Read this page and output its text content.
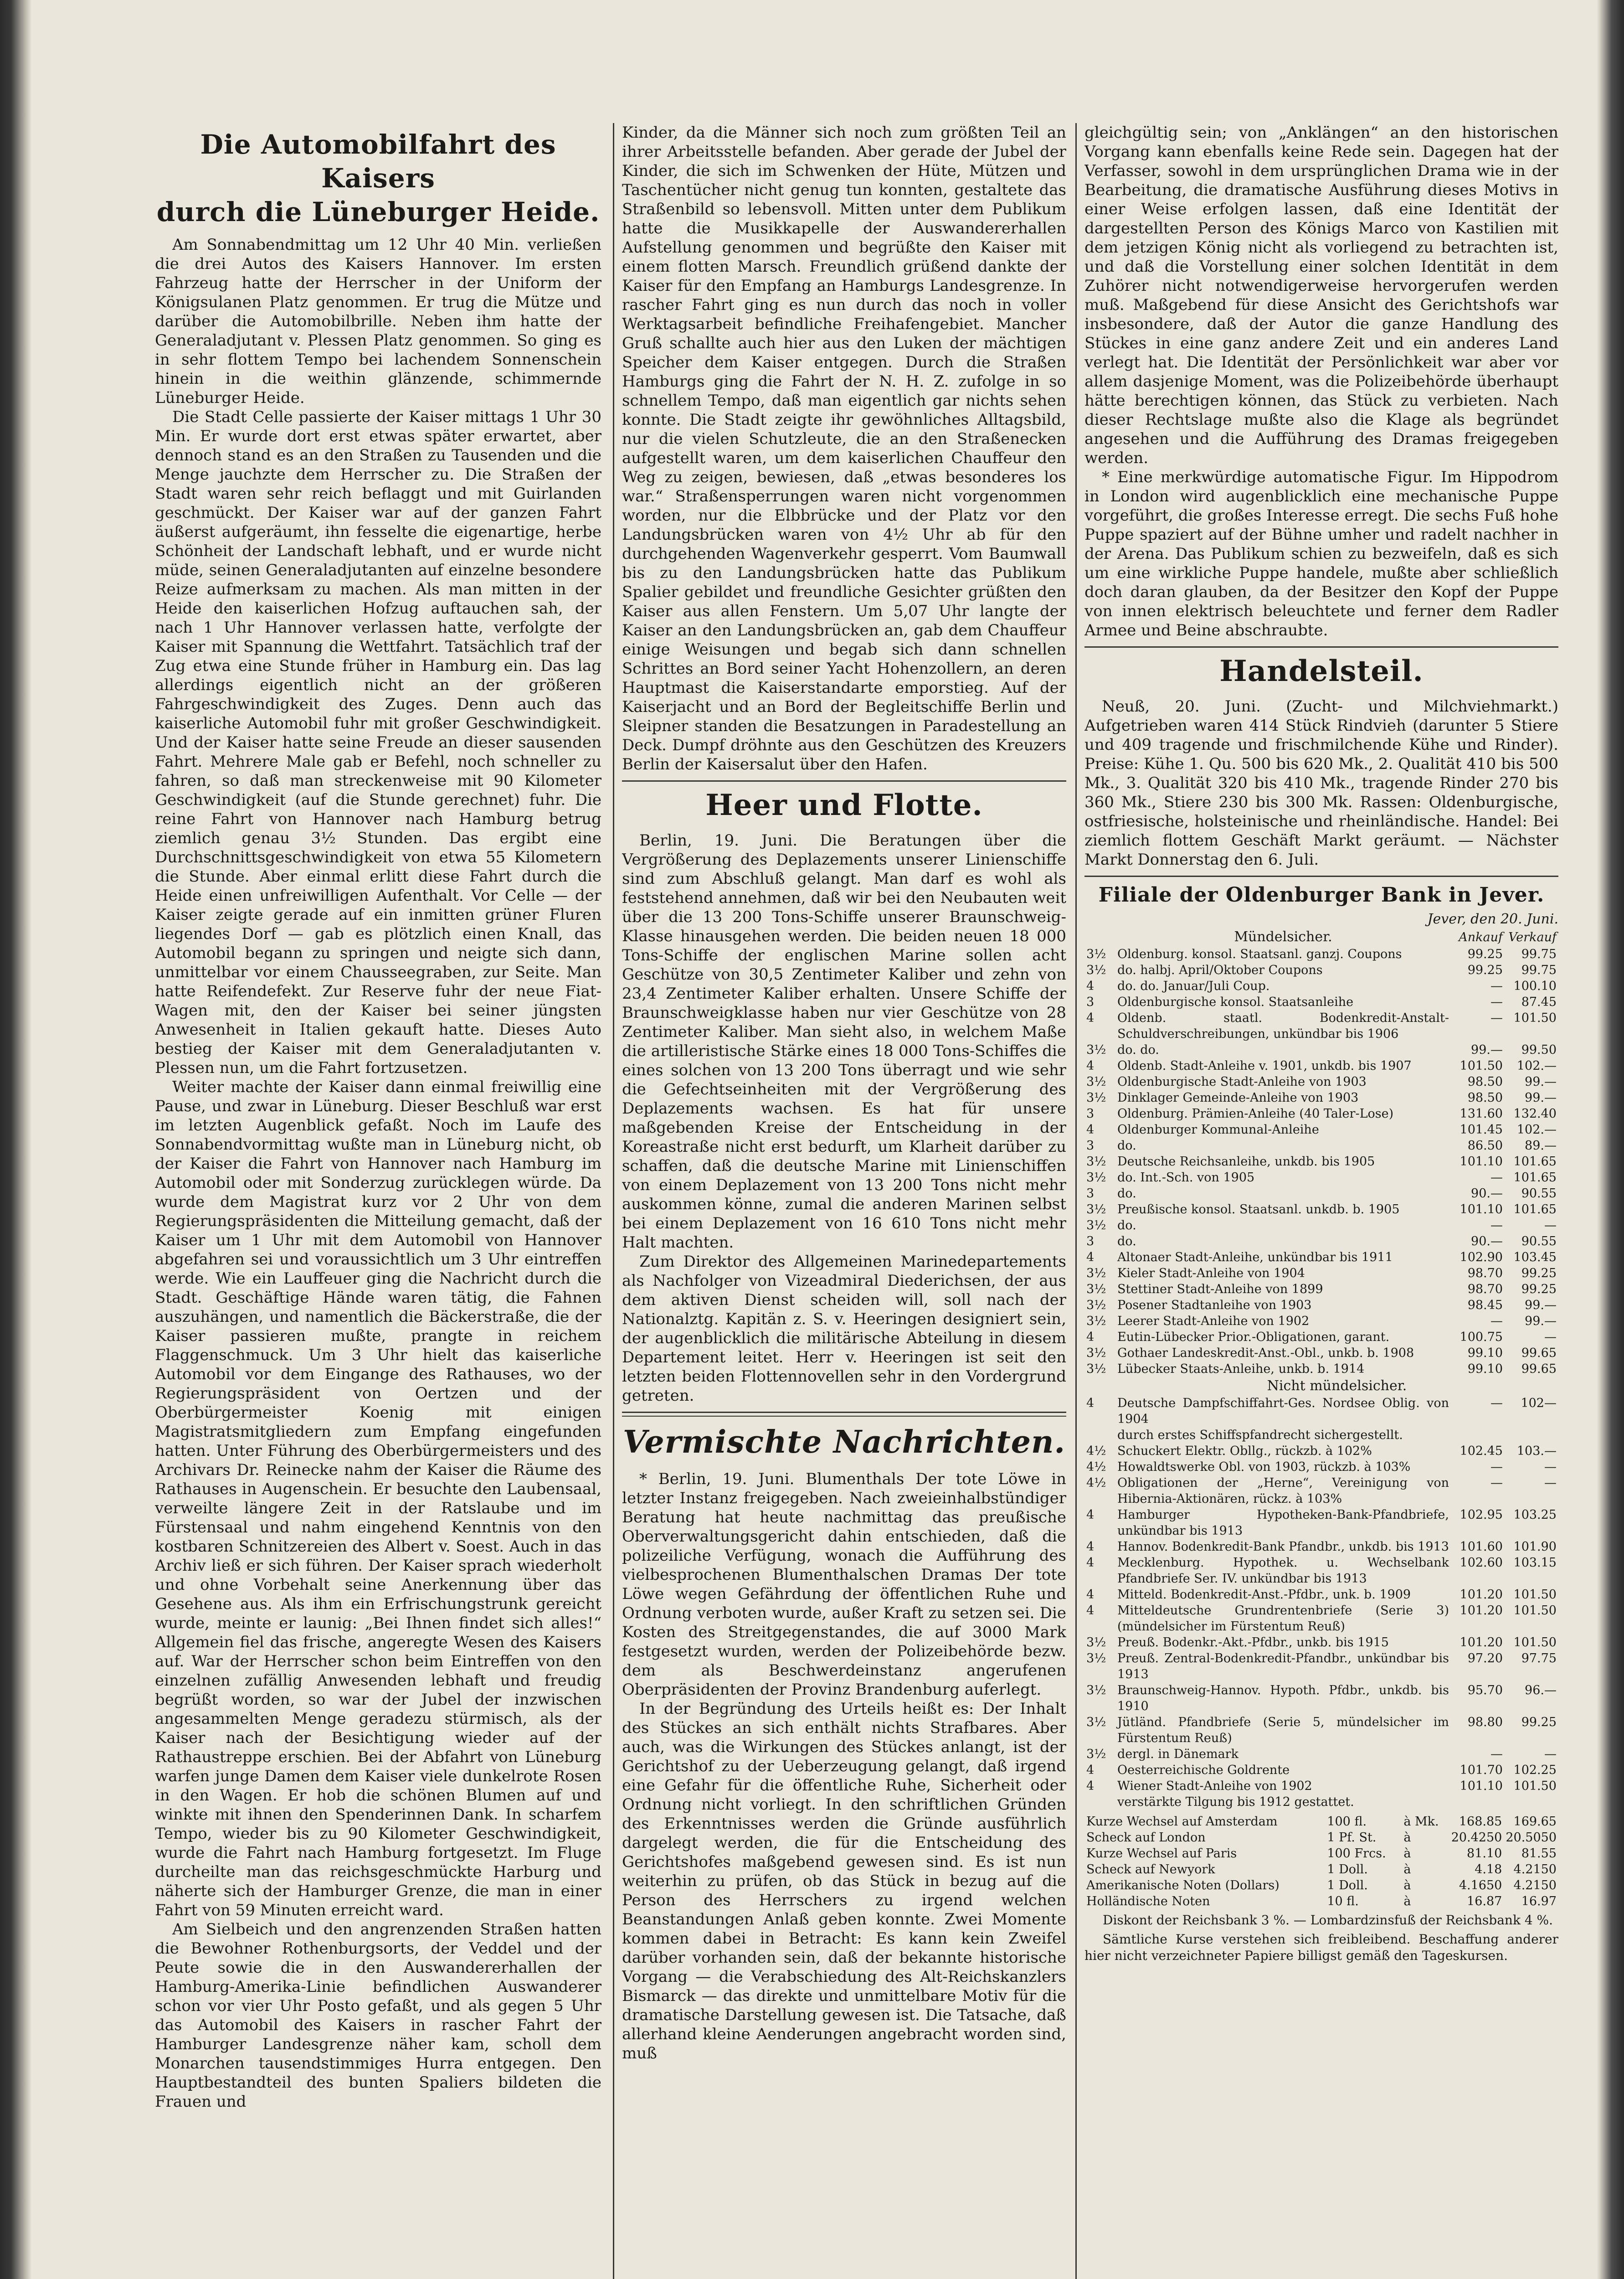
Die Automobilfahrt des Kaisers
durch die Lüneburger Heide.

Am Sonnabendmittag um 12 Uhr 40 Min. verließen die drei Autos des Kaisers Hannover. Im ersten Fahrzeug hatte der Herrscher in der Uniform der Königsulanen Platz genommen. Er trug die Mütze und darüber die Automobilbrille. Neben ihm hatte der Generaladjutant v. Plessen Platz genommen. So ging es in sehr flottem Tempo bei lachendem Sonnenschein hinein in die weithin glänzende, schimmernde Lüneburger Heide.

Die Stadt Celle passierte der Kaiser mittags 1 Uhr 30 Min. Er wurde dort erst etwas später erwartet, aber dennoch stand es an den Straßen zu Tausenden und die Menge jauchzte dem Herrscher zu. Die Straßen der Stadt waren sehr reich beflaggt und mit Guirlanden geschmückt. Der Kaiser war auf der ganzen Fahrt äußerst aufgeräumt, ihn fesselte die eigenartige, herbe Schönheit der Landschaft lebhaft, und er wurde nicht müde, seinen Generaladjutanten auf einzelne besondere Reize aufmerksam zu machen. Als man mitten in der Heide den kaiserlichen Hofzug auftauchen sah, der nach 1 Uhr Hannover verlassen hatte, verfolgte der Kaiser mit Spannung die Wettfahrt. Tatsächlich traf der Zug etwa eine Stunde früher in Hamburg ein. Das lag allerdings eigentlich nicht an der größeren Fahrgeschwindigkeit des Zuges. Denn auch das kaiserliche Automobil fuhr mit großer Geschwindigkeit. Und der Kaiser hatte seine Freude an dieser sausenden Fahrt. Mehrere Male gab er Befehl, noch schneller zu fahren, so daß man streckenweise mit 90 Kilometer Geschwindigkeit (auf die Stunde gerechnet) fuhr. Die reine Fahrt von Hannover nach Hamburg betrug ziemlich genau 3½ Stunden. Das ergibt eine Durchschnittsgeschwindigkeit von etwa 55 Kilometern die Stunde. Aber einmal erlitt diese Fahrt durch die Heide einen unfreiwilligen Aufenthalt. Vor Celle — der Kaiser zeigte gerade auf ein inmitten grüner Fluren liegendes Dorf — gab es plötzlich einen Knall, das Automobil begann zu springen und neigte sich dann, unmittelbar vor einem Chausseegraben, zur Seite. Man hatte Reifendefekt. Zur Reserve fuhr der neue Fiat-Wagen mit, den der Kaiser bei seiner jüngsten Anwesenheit in Italien gekauft hatte. Dieses Auto bestieg der Kaiser mit dem Generaladjutanten v. Plessen nun, um die Fahrt fortzusetzen.

Weiter machte der Kaiser dann einmal freiwillig eine Pause, und zwar in Lüneburg. Dieser Beschluß war erst im letzten Augenblick gefaßt. Noch im Laufe des Sonnabendvormittag wußte man in Lüneburg nicht, ob der Kaiser die Fahrt von Hannover nach Hamburg im Automobil oder mit Sonderzug zurücklegen würde. Da wurde dem Magistrat kurz vor 2 Uhr von dem Regierungspräsidenten die Mitteilung gemacht, daß der Kaiser um 1 Uhr mit dem Automobil von Hannover abgefahren sei und voraussichtlich um 3 Uhr eintreffen werde. Wie ein Lauffeuer ging die Nachricht durch die Stadt. Geschäftige Hände waren tätig, die Fahnen auszuhängen, und namentlich die Bäckerstraße, die der Kaiser passieren mußte, prangte in reichem Flaggenschmuck. Um 3 Uhr hielt das kaiserliche Automobil vor dem Eingange des Rathauses, wo der Regierungspräsident von Oertzen und der Oberbürgermeister Koenig mit einigen Magistratsmitgliedern zum Empfang eingefunden hatten. Unter Führung des Oberbürgermeisters und des Archivars Dr. Reinecke nahm der Kaiser die Räume des Rathauses in Augenschein. Er besuchte den Laubensaal, verweilte längere Zeit in der Ratslaube und im Fürstensaal und nahm eingehend Kenntnis von den kostbaren Schnitzereien des Albert v. Soest. Auch in das Archiv ließ er sich führen. Der Kaiser sprach wiederholt und ohne Vorbehalt seine Anerkennung über das Gesehene aus. Als ihm ein Erfrischungstrunk gereicht wurde, meinte er launig: „Bei Ihnen findet sich alles!“ Allgemein fiel das frische, angeregte Wesen des Kaisers auf. War der Herrscher schon beim Eintreffen von den einzelnen zufällig Anwesenden lebhaft und freudig begrüßt worden, so war der Jubel der inzwischen angesammelten Menge geradezu stürmisch, als der Kaiser nach der Besichtigung wieder auf der Rathaustreppe erschien. Bei der Abfahrt von Lüneburg warfen junge Damen dem Kaiser viele dunkelrote Rosen in den Wagen. Er hob die schönen Blumen auf und winkte mit ihnen den Spenderinnen Dank. In scharfem Tempo, wieder bis zu 90 Kilometer Geschwindigkeit, wurde die Fahrt nach Hamburg fortgesetzt. Im Fluge durcheilte man das reichsgeschmückte Harburg und näherte sich der Hamburger Grenze, die man in einer Fahrt von 59 Minuten erreicht ward.

Am Sielbeich und den angrenzenden Straßen hatten die Bewohner Rothenburgsorts, der Veddel und der Peute sowie die in den Auswandererhallen der Hamburg-Amerika-Linie befindlichen Auswanderer schon vor vier Uhr Posto gefaßt, und als gegen 5 Uhr das Automobil des Kaisers in rascher Fahrt der Hamburger Landesgrenze näher kam, scholl dem Monarchen tausendstimmiges Hurra entgegen. Den Hauptbestandteil des bunten Spaliers bildeten die Frauen und

Kinder, da die Männer sich noch zum größten Teil an ihrer Arbeitsstelle befanden. Aber gerade der Jubel der Kinder, die sich im Schwenken der Hüte, Mützen und Taschentücher nicht genug tun konnten, gestaltete das Straßenbild so lebensvoll. Mitten unter dem Publikum hatte die Musikkapelle der Auswandererhallen Aufstellung genommen und begrüßte den Kaiser mit einem flotten Marsch. Freundlich grüßend dankte der Kaiser für den Empfang an Hamburgs Landesgrenze. In rascher Fahrt ging es nun durch das noch in voller Werktagsarbeit befindliche Freihafengebiet. Mancher Gruß schallte auch hier aus den Luken der mächtigen Speicher dem Kaiser entgegen. Durch die Straßen Hamburgs ging die Fahrt der N. H. Z. zufolge in so schnellem Tempo, daß man eigentlich gar nichts sehen konnte. Die Stadt zeigte ihr gewöhnliches Alltagsbild, nur die vielen Schutzleute, die an den Straßenecken aufgestellt waren, um dem kaiserlichen Chauffeur den Weg zu zeigen, bewiesen, daß „etwas besonderes los war.“ Straßensperrungen waren nicht vorgenommen worden, nur die Elbbrücke und der Platz vor den Landungsbrücken waren von 4½ Uhr ab für den durchgehenden Wagenverkehr gesperrt. Vom Baumwall bis zu den Landungsbrücken hatte das Publikum Spalier gebildet und freundliche Gesichter grüßten den Kaiser aus allen Fenstern. Um 5,07 Uhr langte der Kaiser an den Landungsbrücken an, gab dem Chauffeur einige Weisungen und begab sich dann schnellen Schrittes an Bord seiner Yacht Hohenzollern, an deren Hauptmast die Kaiserstandarte emporstieg. Auf der Kaiserjacht und an Bord der Begleitschiffe Berlin und Sleipner standen die Besatzungen in Paradestellung an Deck. Dumpf dröhnte aus den Geschützen des Kreuzers Berlin der Kaisersalut über den Hafen.

Heer und Flotte.

Berlin, 19. Juni. Die Beratungen über die Vergrößerung des Deplazements unserer Linienschiffe sind zum Abschluß gelangt. Man darf es wohl als feststehend annehmen, daß wir bei den Neubauten weit über die 13 200 Tons-Schiffe unserer Braunschweig-Klasse hinausgehen werden. Die beiden neuen 18 000 Tons-Schiffe der englischen Marine sollen acht Geschütze von 30,5 Zentimeter Kaliber und zehn von 23,4 Zentimeter Kaliber erhalten. Unsere Schiffe der Braunschweigklasse haben nur vier Geschütze von 28 Zentimeter Kaliber. Man sieht also, in welchem Maße die artilleristische Stärke eines 18 000 Tons-Schiffes die eines solchen von 13 200 Tons überragt und wie sehr die Gefechtseinheiten mit der Vergrößerung des Deplazements wachsen. Es hat für unsere maßgebenden Kreise der Entscheidung in der Koreastraße nicht erst bedurft, um Klarheit darüber zu schaffen, daß die deutsche Marine mit Linienschiffen von einem Deplazement von 13 200 Tons nicht mehr auskommen könne, zumal die anderen Marinen selbst bei einem Deplazement von 16 610 Tons nicht mehr Halt machten.

Zum Direktor des Allgemeinen Marinedepartements als Nachfolger von Vizeadmiral Diederichsen, der aus dem aktiven Dienst scheiden will, soll nach der Nationalztg. Kapitän z. S. v. Heeringen designiert sein, der augenblicklich die militärische Abteilung in diesem Departement leitet. Herr v. Heeringen ist seit den letzten beiden Flottennovellen sehr in den Vordergrund getreten.

Vermischte Nachrichten.

* Berlin, 19. Juni. Blumenthals Der tote Löwe in letzter Instanz freigegeben. Nach zweieinhalbstündiger Beratung hat heute nachmittag das preußische Oberverwaltungsgericht dahin entschieden, daß die polizeiliche Verfügung, wonach die Aufführung des vielbesprochenen Blumenthalschen Dramas Der tote Löwe wegen Gefährdung der öffentlichen Ruhe und Ordnung verboten wurde, außer Kraft zu setzen sei. Die Kosten des Streitgegenstandes, die auf 3000 Mark festgesetzt wurden, werden der Polizeibehörde bezw. dem als Beschwerdeinstanz angerufenen Oberpräsidenten der Provinz Brandenburg auferlegt.

In der Begründung des Urteils heißt es: Der Inhalt des Stückes an sich enthält nichts Strafbares. Aber auch, was die Wirkungen des Stückes anlangt, ist der Gerichtshof zu der Ueberzeugung gelangt, daß irgend eine Gefahr für die öffentliche Ruhe, Sicherheit oder Ordnung nicht vorliegt. In den schriftlichen Gründen des Erkenntnisses werden die Gründe ausführlich dargelegt werden, die für die Entscheidung des Gerichtshofes maßgebend gewesen sind. Es ist nun weiterhin zu prüfen, ob das Stück in bezug auf die Person des Herrschers zu irgend welchen Beanstandungen Anlaß geben konnte. Zwei Momente kommen dabei in Betracht: Es kann kein Zweifel darüber vorhanden sein, daß der bekannte historische Vorgang — die Verabschiedung des Alt-Reichskanzlers Bismarck — das direkte und unmittelbare Motiv für die dramatische Darstellung gewesen ist. Die Tatsache, daß allerhand kleine Aenderungen angebracht worden sind, muß

gleichgültig sein; von „Anklängen“ an den historischen Vorgang kann ebenfalls keine Rede sein. Dagegen hat der Verfasser, sowohl in dem ursprünglichen Drama wie in der Bearbeitung, die dramatische Ausführung dieses Motivs in einer Weise erfolgen lassen, daß eine Identität der dargestellten Person des Königs Marco von Kastilien mit dem jetzigen König nicht als vorliegend zu betrachten ist, und daß die Vorstellung einer solchen Identität in dem Zuhörer nicht notwendigerweise hervorgerufen werden muß. Maßgebend für diese Ansicht des Gerichtshofs war insbesondere, daß der Autor die ganze Handlung des Stückes in eine ganz andere Zeit und ein anderes Land verlegt hat. Die Identität der Persönlichkeit war aber vor allem dasjenige Moment, was die Polizeibehörde überhaupt hätte berechtigen können, das Stück zu verbieten. Nach dieser Rechtslage mußte also die Klage als begründet angesehen und die Aufführung des Dramas freigegeben werden.

* Eine merkwürdige automatische Figur. Im Hippodrom in London wird augenblicklich eine mechanische Puppe vorgeführt, die großes Interesse erregt. Die sechs Fuß hohe Puppe spaziert auf der Bühne umher und radelt nachher in der Arena. Das Publikum schien zu bezweifeln, daß es sich um eine wirkliche Puppe handele, mußte aber schließlich doch daran glauben, da der Besitzer den Kopf der Puppe von innen elektrisch beleuchtete und ferner dem Radler Armee und Beine abschraubte.

Handelsteil.

Neuß, 20. Juni. (Zucht- und Milchviehmarkt.) Aufgetrieben waren 414 Stück Rindvieh (darunter 5 Stiere und 409 tragende und frischmilchende Kühe und Rinder). Preise: Kühe 1. Qu. 500 bis 620 Mk., 2. Qualität 410 bis 500 Mk., 3. Qualität 320 bis 410 Mk., tragende Rinder 270 bis 360 Mk., Stiere 230 bis 300 Mk. Rassen: Oldenburgische, ostfriesische, holsteinische und rheinländische. Handel: Bei ziemlich flottem Geschäft Markt geräumt. — Nächster Markt Donnerstag den 6. Juli.

Filiale der Oldenburger Bank in Jever.
Jever, den 20. Juni.
	Mündelsicher.	Ankauf	Verkauf
3½	Oldenburg. konsol. Staatsanl. ganzj. Coupons	99.25	99.75
3½	do. halbj. April/Oktober Coupons	99.25	99.75
4	do. do. Januar/Juli Coup.	—	100.10
3	Oldenburgische konsol. Staatsanleihe	—	87.45
4	Oldenb. staatl. Bodenkredit-Anstalt-Schuldverschreibungen, unkündbar bis 1906	—	101.50
3½	do. do.	99.—	99.50
4	Oldenb. Stadt-Anleihe v. 1901, unkdb. bis 1907	101.50	102.—
3½	Oldenburgische Stadt-Anleihe von 1903	98.50	99.—
3½	Dinklager Gemeinde-Anleihe von 1903	98.50	99.—
3	Oldenburg. Prämien-Anleihe (40 Taler-Lose)	131.60	132.40
4	Oldenburger Kommunal-Anleihe	101.45	102.—
3	do.	86.50	89.—
3½	Deutsche Reichsanleihe, unkdb. bis 1905	101.10	101.65
3½	do. Int.-Sch. von 1905	—	101.65
3	do.	90.—	90.55
3½	Preußische konsol. Staatsanl. unkdb. b. 1905	101.10	101.65
3½	do.	—	—
3	do.	90.—	90.55
4	Altonaer Stadt-Anleihe, unkündbar bis 1911	102.90	103.45
3½	Kieler Stadt-Anleihe von 1904	98.70	99.25
3½	Stettiner Stadt-Anleihe von 1899	98.70	99.25
3½	Posener Stadtanleihe von 1903	98.45	99.—
3½	Leerer Stadt-Anleihe von 1902	—	99.—
4	Eutin-Lübecker Prior.-Obligationen, garant.	100.75	—
3½	Gothaer Landeskredit-Anst.-Obl., unkb. b. 1908	99.10	99.65
3½	Lübecker Staats-Anleihe, unkb. b. 1914	99.10	99.65
	Nicht mündelsicher.		
4	Deutsche Dampfschiffahrt-Ges. Nordsee Oblig. von 1904	—	102—
	durch erstes Schiffspfandrecht sichergestellt.		
4½	Schuckert Elektr. Obllg., rückzb. à 102%	102.45	103.—
4½	Howaldtswerke Obl. von 1903, rückzb. à 103%	—	—
4½	Obligationen der „Herne“, Vereinigung von Hibernia-Aktionären, rückz. à 103%	—	—
4	Hamburger Hypotheken-Bank-Pfandbriefe, unkündbar bis 1913	102.95	103.25
4	Hannov. Bodenkredit-Bank Pfandbr., unkdb. bis 1913	101.60	101.90
4	Mecklenburg. Hypothek. u. Wechselbank Pfandbriefe Ser. IV. unkündbar bis 1913	102.60	103.15
4	Mitteld. Bodenkredit-Anst.-Pfdbr., unk. b. 1909	101.20	101.50
4	Mitteldeutsche Grundrentenbriefe (Serie 3) (mündelsicher im Fürstentum Reuß)	101.20	101.50
3½	Preuß. Bodenkr.-Akt.-Pfdbr., unkb. bis 1915	101.20	101.50
3½	Preuß. Zentral-Bodenkredit-Pfandbr., unkündbar bis 1913	97.20	97.75
3½	Braunschweig-Hannov. Hypoth. Pfdbr., unkdb. bis 1910	95.70	96.—
3½	Jütländ. Pfandbriefe (Serie 5, mündelsicher im Fürstentum Reuß)	98.80	99.25
3½	dergl. in Dänemark	—	—
4	Oesterreichische Goldrente	101.70	102.25
4	Wiener Stadt-Anleihe von 1902	101.10	101.50
	verstärkte Tilgung bis 1912 gestattet.		
Kurze Wechsel auf Amsterdam	100 fl.	à Mk.	168.85	169.65
Scheck auf London	1 Pf. St.	à	20.4250	20.5050
Kurze Wechsel auf Paris	100 Frcs.	à	81.10	81.55
Scheck auf Newyork	1 Doll.	à	4.18	4.2150
Amerikanische Noten (Dollars)	1 Doll.	à	4.1650	4.2150
Holländische Noten	10 fl.	à	16.87	16.97

Diskont der Reichsbank 3 %. — Lombardzinsfuß der Reichsbank 4 %.

Sämtliche Kurse verstehen sich freibleibend. Beschaffung anderer hier nicht verzeichneter Papiere billigst gemäß den Tageskursen.
